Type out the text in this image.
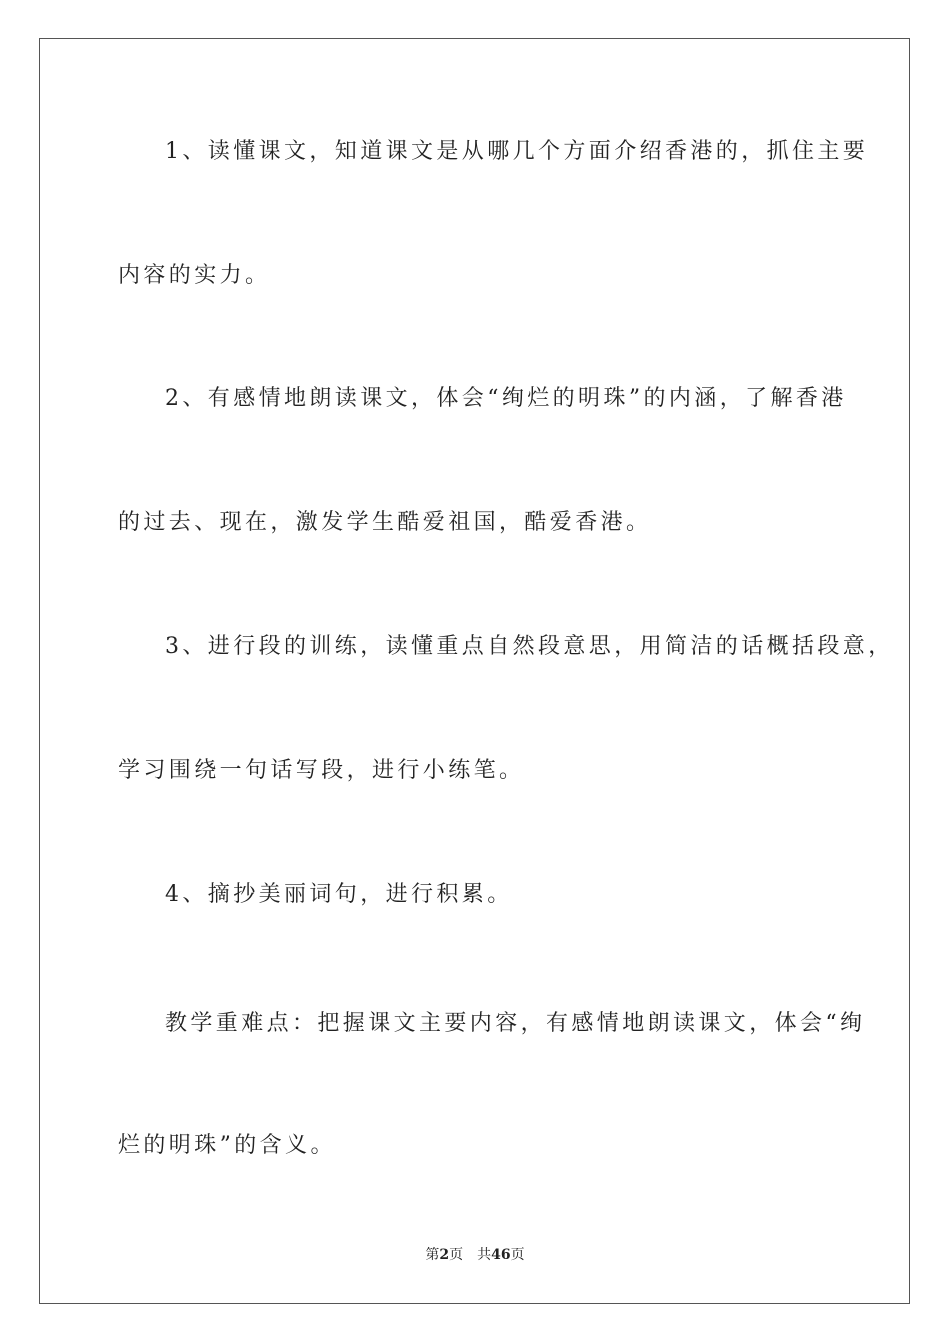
1、读懂课文，知道课文是从哪几个方面介绍香港的，抓住主要
内容的实力。
2、有感情地朗读课文，体会“绚烂的明珠”的内涵，了解香港
的过去、现在，激发学生酷爱祖国，酷爱香港。
3、进行段的训练，读懂重点自然段意思，用简洁的话概括段意，
学习围绕一句话写段，进行小练笔。
4、摘抄美丽词句，进行积累。
教学重难点：把握课文主要内容，有感情地朗读课文，体会“绚
烂的明珠”的含义。
第2页 共46页
